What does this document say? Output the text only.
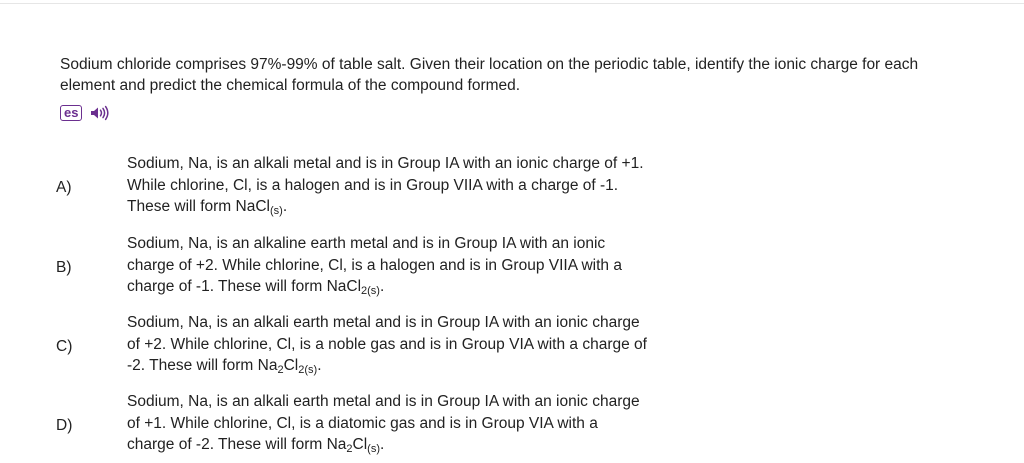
Sodium chloride comprises 97%-99% of table salt. Given their location on the periodic table, identify the ionic charge for each
element and predict the chemical formula of the compound formed.
es
A)
Sodium, Na, is an alkali metal and is in Group IA with an ionic charge of +1.
While chlorine, Cl, is a halogen and is in Group VIIA with a charge of -1.
These will form NaCl$_{(s)}$.
B)
Sodium, Na, is an alkaline earth metal and is in Group IA with an ionic
charge of +2. While chlorine, Cl, is a halogen and is in Group VIIA with a
charge of -1. These will form NaCl$_{2(s)}$.
C)
Sodium, Na, is an alkali earth metal and is in Group IA with an ionic charge
of +2. While chlorine, Cl, is a noble gas and is in Group VIA with a charge of
-2. These will form $Na_2Cl_{2(s)}$.
D)
Sodium, Na, is an alkali earth metal and is in Group IA with an ionic charge
of +1. While chlorine, Cl, is a diatomic gas and is in Group VIA with a
charge of -2. These will form $Na_2Cl_{(s)}$.
